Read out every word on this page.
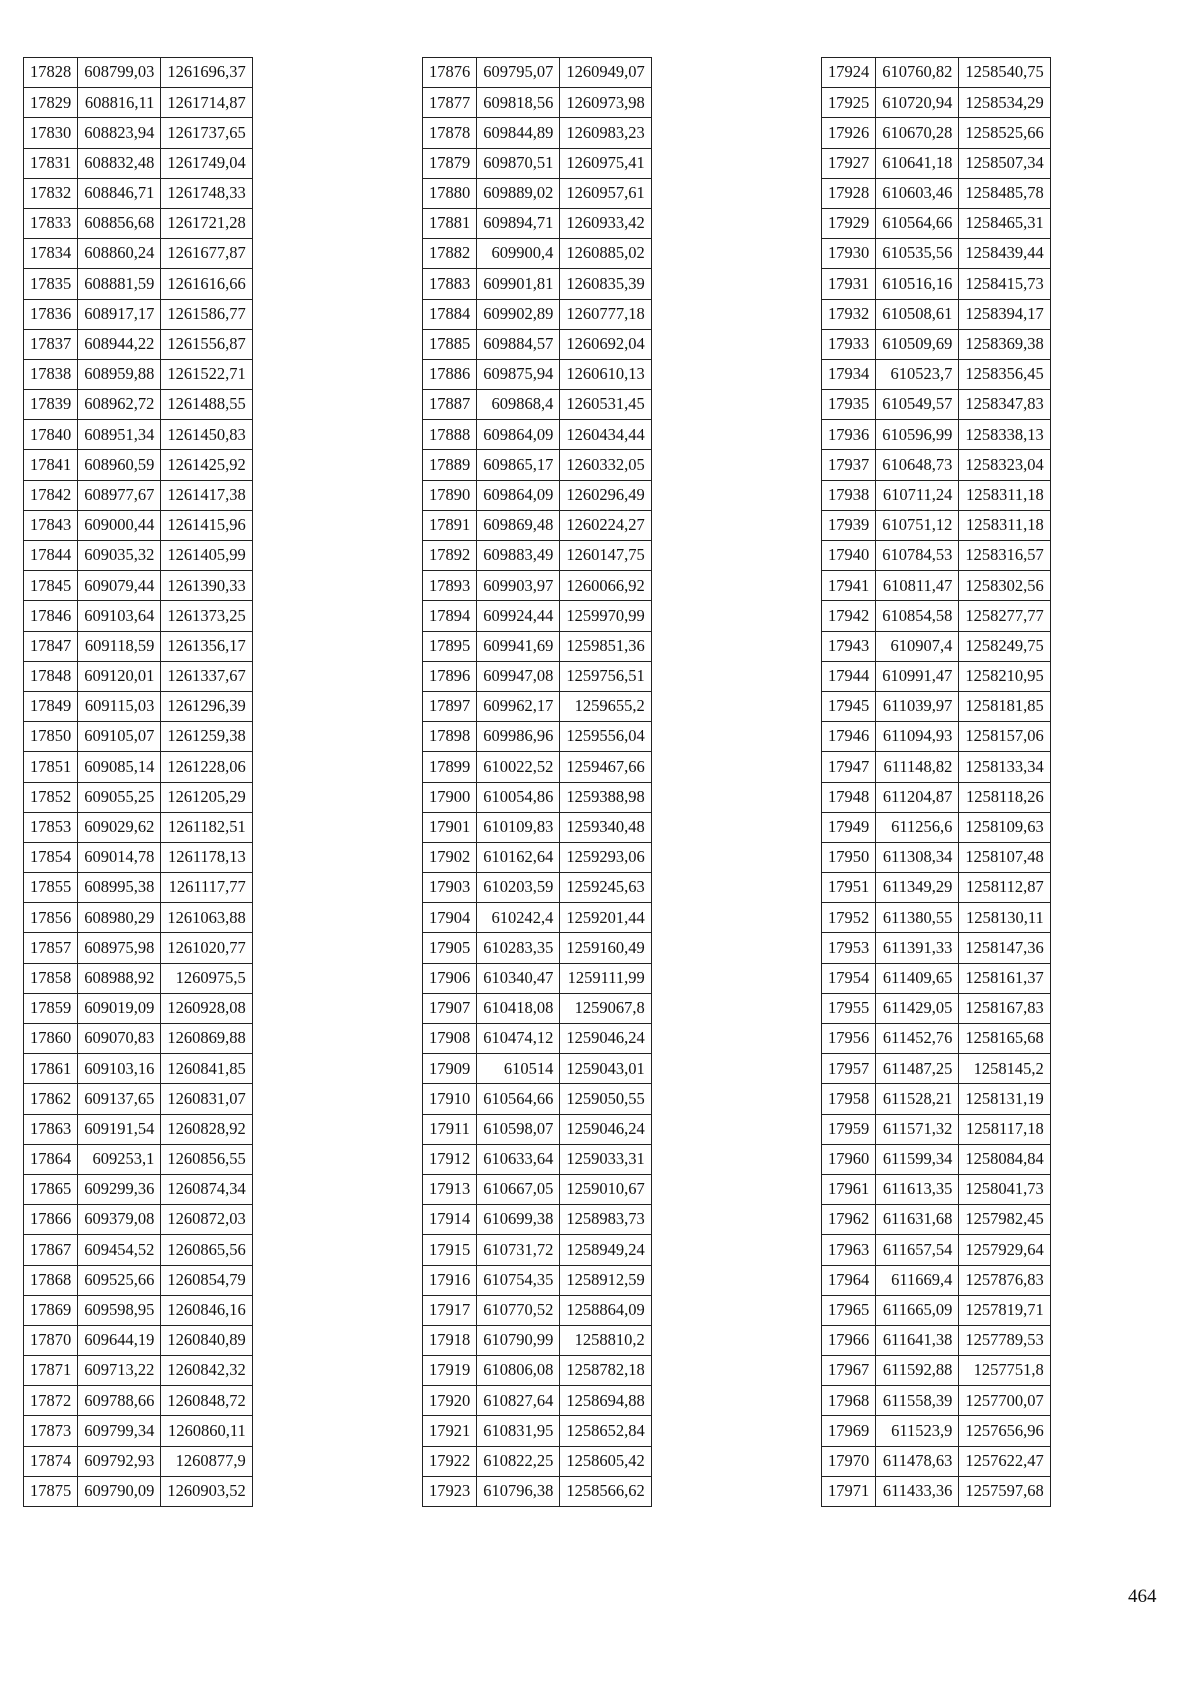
17828	608799,03	1261696,37
17829	608816,11	1261714,87
17830	608823,94	1261737,65
17831	608832,48	1261749,04
17832	608846,71	1261748,33
17833	608856,68	1261721,28
17834	608860,24	1261677,87
17835	608881,59	1261616,66
17836	608917,17	1261586,77
17837	608944,22	1261556,87
17838	608959,88	1261522,71
17839	608962,72	1261488,55
17840	608951,34	1261450,83
17841	608960,59	1261425,92
17842	608977,67	1261417,38
17843	609000,44	1261415,96
17844	609035,32	1261405,99
17845	609079,44	1261390,33
17846	609103,64	1261373,25
17847	609118,59	1261356,17
17848	609120,01	1261337,67
17849	609115,03	1261296,39
17850	609105,07	1261259,38
17851	609085,14	1261228,06
17852	609055,25	1261205,29
17853	609029,62	1261182,51
17854	609014,78	1261178,13
17855	608995,38	1261117,77
17856	608980,29	1261063,88
17857	608975,98	1261020,77
17858	608988,92	1260975,5
17859	609019,09	1260928,08
17860	609070,83	1260869,88
17861	609103,16	1260841,85
17862	609137,65	1260831,07
17863	609191,54	1260828,92
17864	609253,1	1260856,55
17865	609299,36	1260874,34
17866	609379,08	1260872,03
17867	609454,52	1260865,56
17868	609525,66	1260854,79
17869	609598,95	1260846,16
17870	609644,19	1260840,89
17871	609713,22	1260842,32
17872	609788,66	1260848,72
17873	609799,34	1260860,11
17874	609792,93	1260877,9
17875	609790,09	1260903,52
17876	609795,07	1260949,07
17877	609818,56	1260973,98
17878	609844,89	1260983,23
17879	609870,51	1260975,41
17880	609889,02	1260957,61
17881	609894,71	1260933,42
17882	609900,4	1260885,02
17883	609901,81	1260835,39
17884	609902,89	1260777,18
17885	609884,57	1260692,04
17886	609875,94	1260610,13
17887	609868,4	1260531,45
17888	609864,09	1260434,44
17889	609865,17	1260332,05
17890	609864,09	1260296,49
17891	609869,48	1260224,27
17892	609883,49	1260147,75
17893	609903,97	1260066,92
17894	609924,44	1259970,99
17895	609941,69	1259851,36
17896	609947,08	1259756,51
17897	609962,17	1259655,2
17898	609986,96	1259556,04
17899	610022,52	1259467,66
17900	610054,86	1259388,98
17901	610109,83	1259340,48
17902	610162,64	1259293,06
17903	610203,59	1259245,63
17904	610242,4	1259201,44
17905	610283,35	1259160,49
17906	610340,47	1259111,99
17907	610418,08	1259067,8
17908	610474,12	1259046,24
17909	610514	1259043,01
17910	610564,66	1259050,55
17911	610598,07	1259046,24
17912	610633,64	1259033,31
17913	610667,05	1259010,67
17914	610699,38	1258983,73
17915	610731,72	1258949,24
17916	610754,35	1258912,59
17917	610770,52	1258864,09
17918	610790,99	1258810,2
17919	610806,08	1258782,18
17920	610827,64	1258694,88
17921	610831,95	1258652,84
17922	610822,25	1258605,42
17923	610796,38	1258566,62
17924	610760,82	1258540,75
17925	610720,94	1258534,29
17926	610670,28	1258525,66
17927	610641,18	1258507,34
17928	610603,46	1258485,78
17929	610564,66	1258465,31
17930	610535,56	1258439,44
17931	610516,16	1258415,73
17932	610508,61	1258394,17
17933	610509,69	1258369,38
17934	610523,7	1258356,45
17935	610549,57	1258347,83
17936	610596,99	1258338,13
17937	610648,73	1258323,04
17938	610711,24	1258311,18
17939	610751,12	1258311,18
17940	610784,53	1258316,57
17941	610811,47	1258302,56
17942	610854,58	1258277,77
17943	610907,4	1258249,75
17944	610991,47	1258210,95
17945	611039,97	1258181,85
17946	611094,93	1258157,06
17947	611148,82	1258133,34
17948	611204,87	1258118,26
17949	611256,6	1258109,63
17950	611308,34	1258107,48
17951	611349,29	1258112,87
17952	611380,55	1258130,11
17953	611391,33	1258147,36
17954	611409,65	1258161,37
17955	611429,05	1258167,83
17956	611452,76	1258165,68
17957	611487,25	1258145,2
17958	611528,21	1258131,19
17959	611571,32	1258117,18
17960	611599,34	1258084,84
17961	611613,35	1258041,73
17962	611631,68	1257982,45
17963	611657,54	1257929,64
17964	611669,4	1257876,83
17965	611665,09	1257819,71
17966	611641,38	1257789,53
17967	611592,88	1257751,8
17968	611558,39	1257700,07
17969	611523,9	1257656,96
17970	611478,63	1257622,47
17971	611433,36	1257597,68
464
